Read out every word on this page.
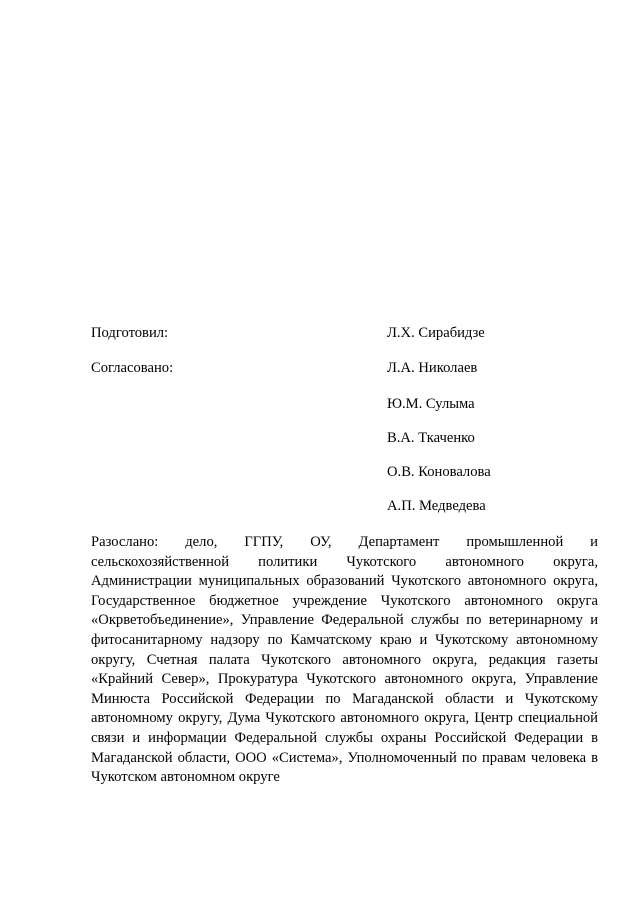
Подготовил:	Л.Х. Сирабидзе
Согласовано:	Л.А. Николаев
Ю.М. Сулыма
В.А. Ткаченко
О.В. Коновалова
А.П. Медведева

Разослано: дело, ГГПУ, ОУ, Департамент промышленной и сельскохозяйственной политики Чукотского автономного округа, Администрации муниципальных образований Чукотского автономного округа, Государственное бюджетное учреждение Чукотского автономного округа «Окрветобъединение», Управление Федеральной службы по ветеринарному и фитосанитарному надзору по Камчатскому краю и Чукотскому автономному округу, Счетная палата Чукотского автономного округа, редакция газеты «Крайний Север», Прокуратура Чукотского автономного округа, Управление Минюста Российской Федерации по Магаданской области и Чукотскому автономному округу, Дума Чукотского автономного округа, Центр специальной связи и информации Федеральной службы охраны Российской Федерации в Магаданской области, ООО «Система», Уполномоченный по правам человека в Чукотском автономном округе
